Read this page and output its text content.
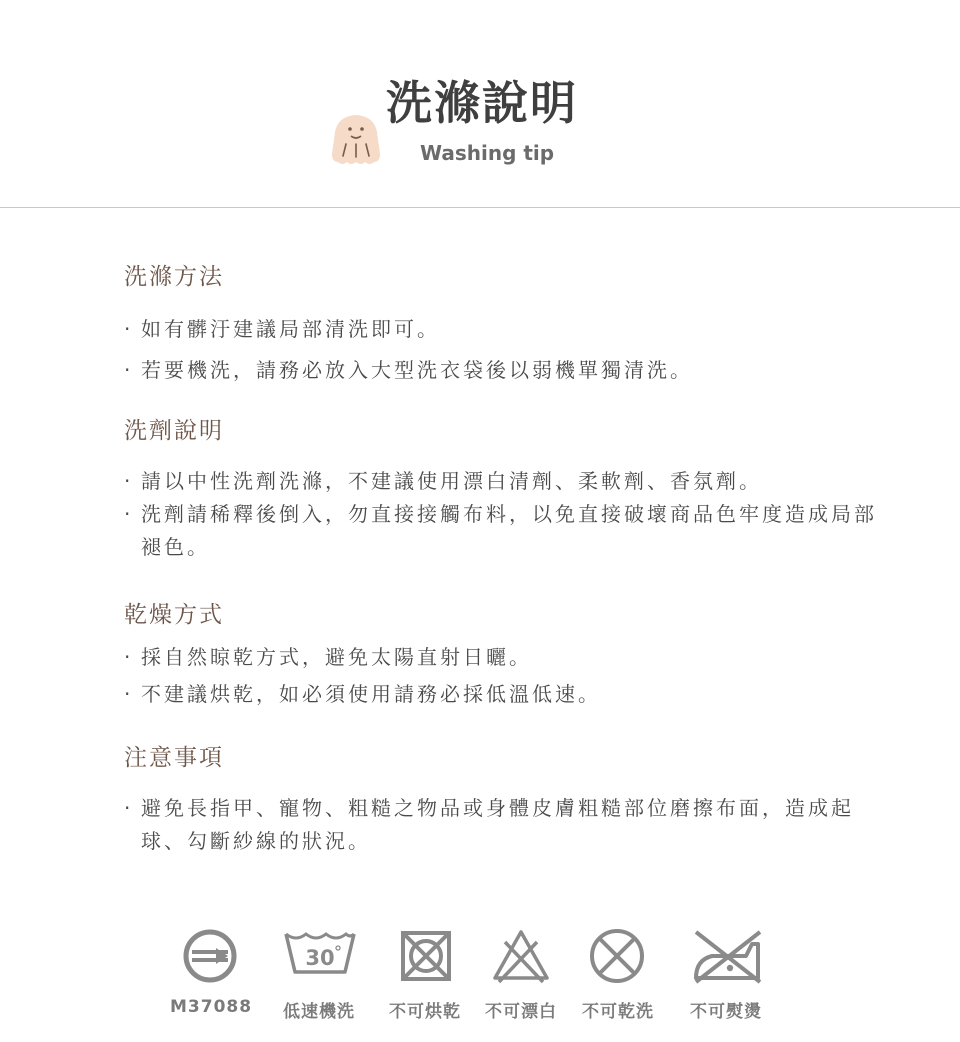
洗滌說明
Washing tip
洗滌方法
· 如有髒汙建議局部清洗即可。
· 若要機洗，請務必放入大型洗衣袋後以弱機單獨清洗。
洗劑說明
· 請以中性洗劑洗滌，不建議使用漂白清劑、柔軟劑、香氛劑。
· 洗劑請稀釋後倒入，勿直接接觸布料，以免直接破壞商品色牢度造成局部褪色。
乾燥方式
· 採自然晾乾方式，避免太陽直射日曬。
· 不建議烘乾，如必須使用請務必採低溫低速。
注意事項
· 避免長指甲、寵物、粗糙之物品或身體皮膚粗糙部位磨擦布面，造成起球、勾斷紗線的狀況。
M37088
30
低速機洗 不可烘乾 不可漂白 不可乾洗 不可熨燙
